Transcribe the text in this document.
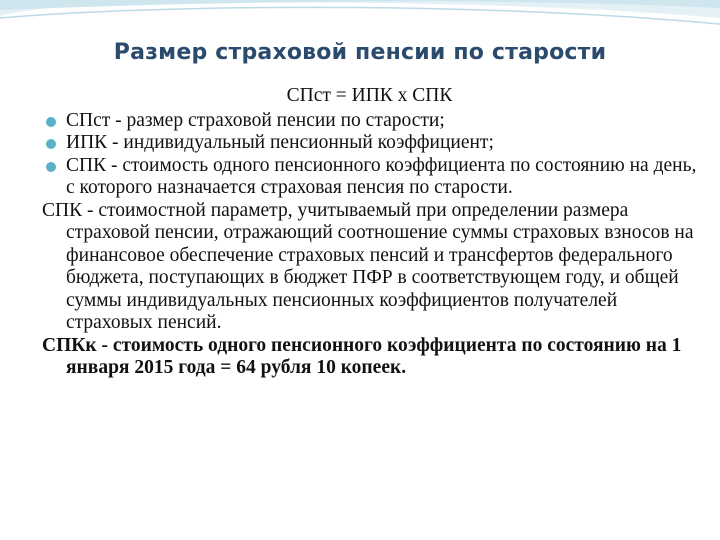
Размер страховой пенсии по старости
СПст = ИПК х СПК
СПст - размер страховой пенсии по старости;
ИПК - индивидуальный пенсионный коэффициент;
СПК - стоимость одного пенсионного коэффициента по состоянию на день, с которого назначается страховая пенсия по старости.
СПК - стоимостной параметр, учитываемый при определении размера страховой пенсии, отражающий соотношение суммы страховых взносов на финансовое обеспечение страховых пенсий и трансфертов федерального бюджета, поступающих в бюджет ПФР в соответствующем году, и общей суммы индивидуальных пенсионных коэффициентов получателей страховых пенсий.
СПКк - стоимость одного пенсионного коэффициента по состоянию на 1 января 2015 года = 64 рубля 10 копеек.
